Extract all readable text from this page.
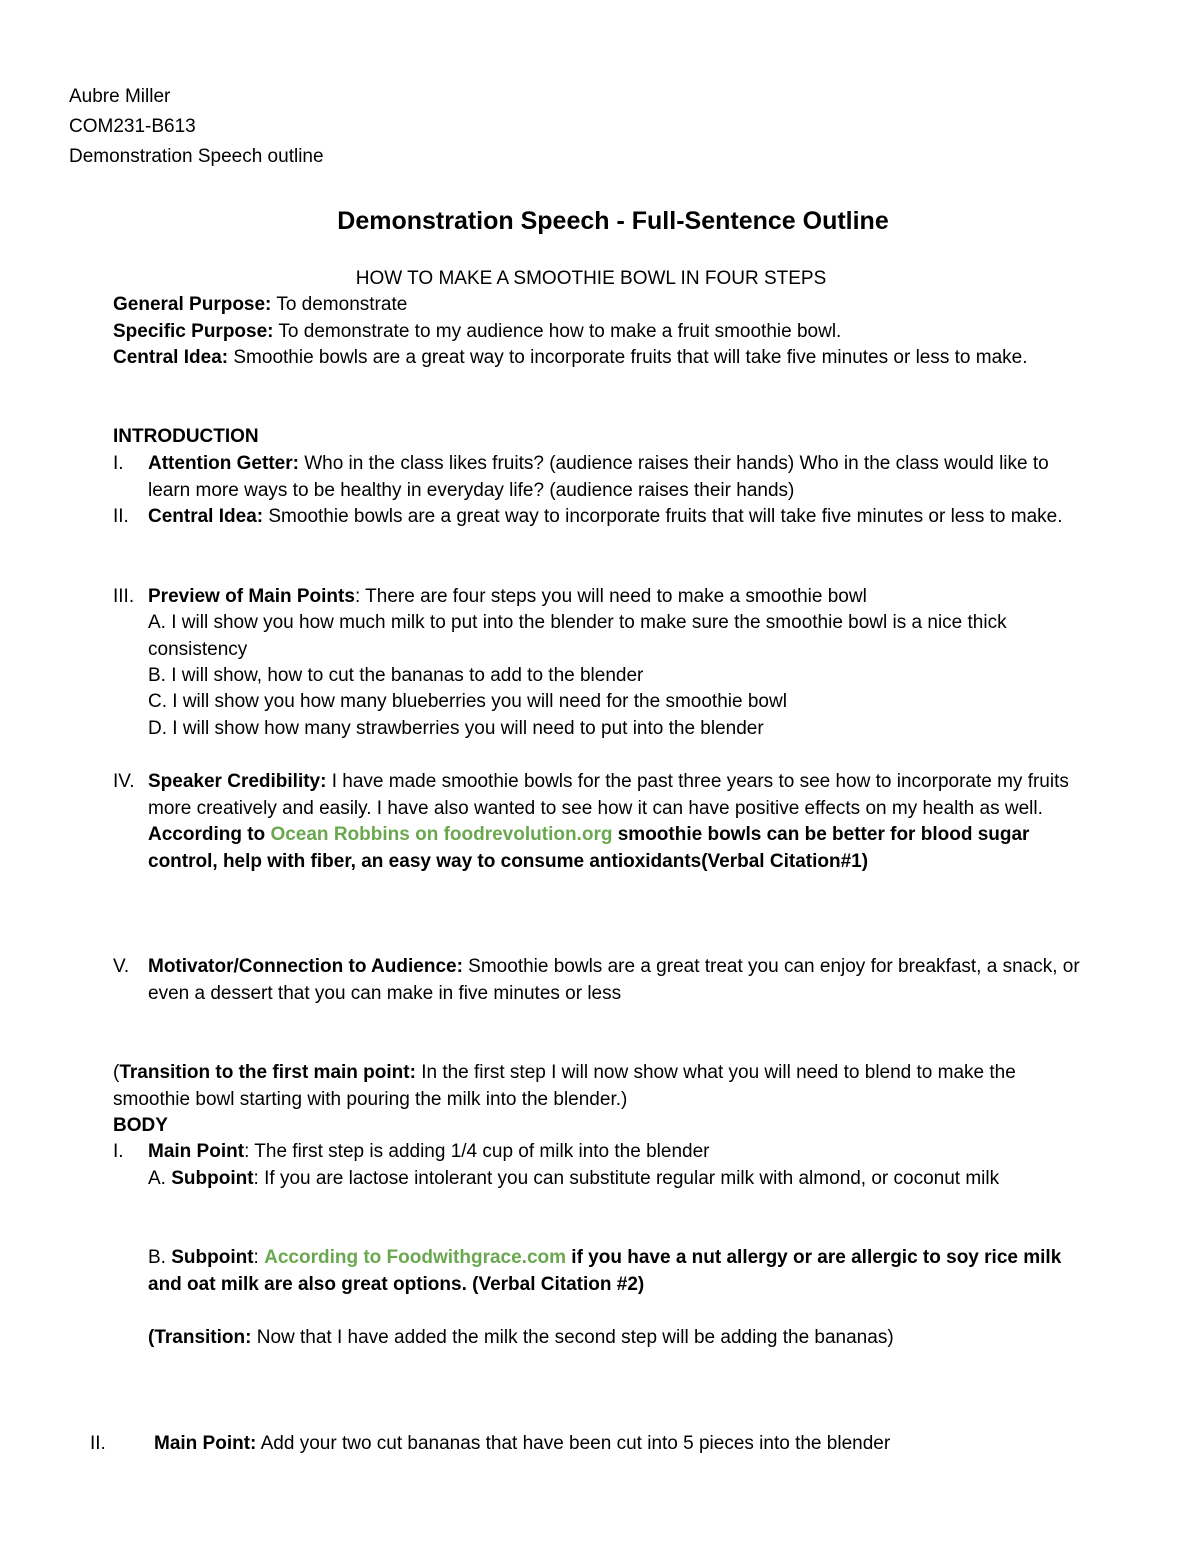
Aubre Miller
COM231-B613
Demonstration Speech outline
Demonstration Speech - Full-Sentence Outline
HOW TO MAKE A SMOOTHIE BOWL IN FOUR STEPS
General Purpose: To demonstrate
Specific Purpose: To demonstrate to my audience how to make a fruit smoothie bowl.
Central Idea: Smoothie bowls are a great way to incorporate fruits that will take five minutes or less to make.
INTRODUCTION
I. Attention Getter: Who in the class likes fruits? (audience raises their hands) Who in the class would like to learn more ways to be healthy in everyday life? (audience raises their hands)
II. Central Idea: Smoothie bowls are a great way to incorporate fruits that will take five minutes or less to make.
III. Preview of Main Points: There are four steps you will need to make a smoothie bowl
A. I will show you how much milk to put into the blender to make sure the smoothie bowl is a nice thick consistency
B. I will show, how to cut the bananas to add to the blender
C. I will show you how many blueberries you will need for the smoothie bowl
D. I will show how many strawberries you will need to put into the blender
IV. Speaker Credibility: I have made smoothie bowls for the past three years to see how to incorporate my fruits more creatively and easily. I have also wanted to see how it can have positive effects on my health as well. According to Ocean Robbins on foodrevolution.org smoothie bowls can be better for blood sugar control, help with fiber, an easy way to consume antioxidants(Verbal Citation#1)
V. Motivator/Connection to Audience: Smoothie bowls are a great treat you can enjoy for breakfast, a snack, or even a dessert that you can make in five minutes or less
(Transition to the first main point: In the first step I will now show what you will need to blend to make the smoothie bowl starting with pouring the milk into the blender.)
BODY
I. Main Point: The first step is adding 1/4 cup of milk into the blender
A. Subpoint: If you are lactose intolerant you can substitute regular milk with almond, or coconut milk
B. Subpoint: According to Foodwithgrace.com if you have a nut allergy or are allergic to soy rice milk and oat milk are also great options. (Verbal Citation #2)
(Transition: Now that I have added the milk the second step will be adding the bananas)
II.	Main Point: Add your two cut bananas that have been cut into 5 pieces into the blender
